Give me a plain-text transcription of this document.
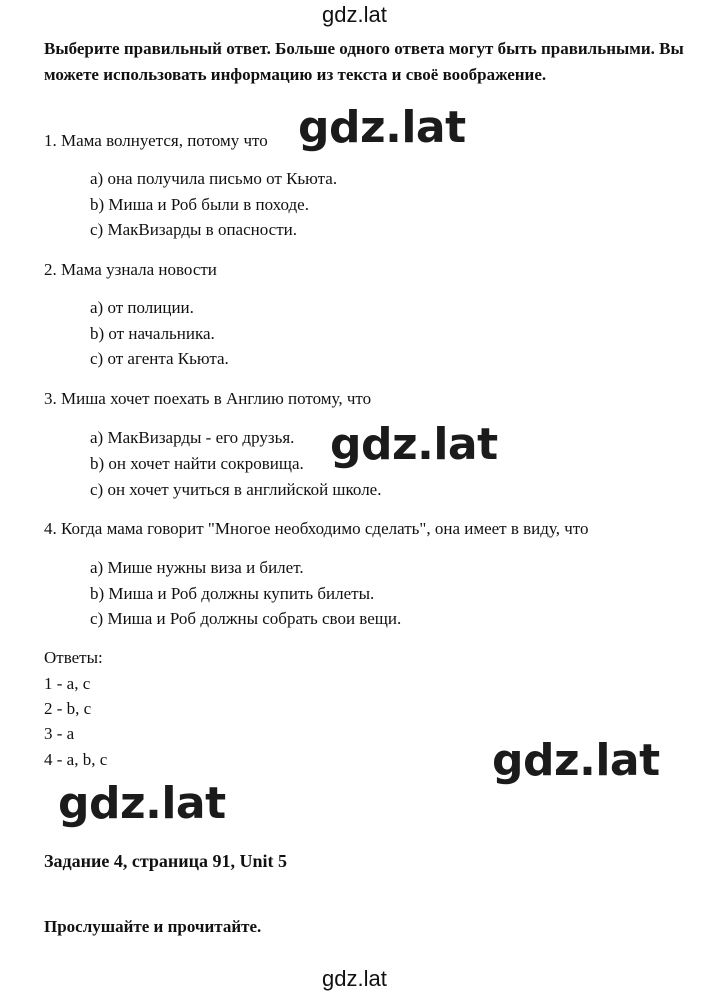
gdz.lat
Выберите правильный ответ. Больше одного ответа могут быть правильными. Вы можете использовать информацию из текста и своё воображение.
1. Мама волнуется, потому что
a) она получила письмо от Кьюта.
b) Миша и Роб были в походе.
c) МакВизарды в опасности.
2. Мама узнала новости
a) от полиции.
b) от начальника.
c) от агента Кьюта.
3. Миша хочет поехать в Англию потому, что
a) МакВизарды - его друзья.
b) он хочет найти сокровища.
c) он хочет учиться в английской школе.
4. Когда мама говорит "Многое необходимо сделать", она имеет в виду, что
a) Мише нужны виза и билет.
b) Миша и Роб должны купить билеты.
c) Миша и Роб должны собрать свои вещи.
Ответы:
1 - a, c
2 - b, c
3 - a
4 - a, b, c
Задание 4, страница 91, Unit 5
Прослушайте и прочитайте.
gdz.lat
gdz.lat
gdz.lat
gdz.lat
gdz.lat
